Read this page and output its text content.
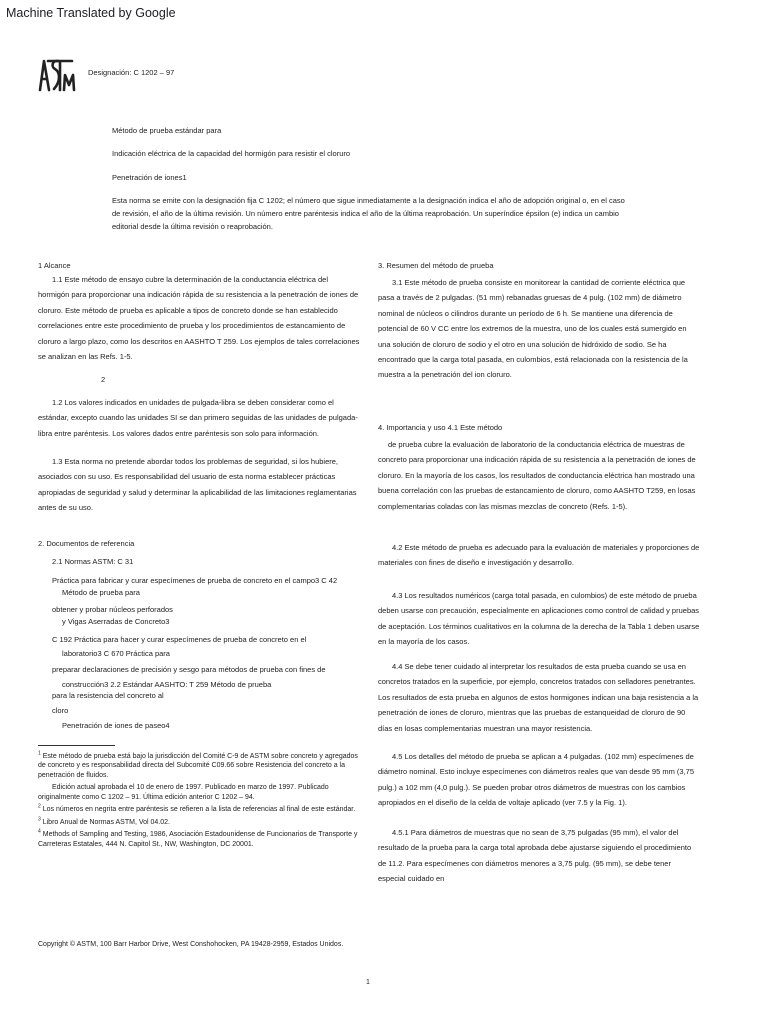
Machine Translated by Google
Designación: C 1202 – 97
Método de prueba estándar para
Indicación eléctrica de la capacidad del hormigón para resistir el cloruro
Penetración de iones1
Esta norma se emite con la designación fija C 1202; el número que sigue inmediatamente a la designación indica el año de adopción original o, en el caso de revisión, el año de la última revisión. Un número entre paréntesis indica el año de la última reaprobación. Un superíndice épsilon (e) indica un cambio editorial desde la última revisión o reaprobación.
1 Alcance
1.1 Este método de ensayo cubre la determinación de la conductancia eléctrica del hormigón para proporcionar una indicación rápida de su resistencia a la penetración de iones de cloruro. Este método de prueba es aplicable a tipos de concreto donde se han establecido correlaciones entre este procedimiento de prueba y los procedimientos de estancamiento de cloruro a largo plazo, como los descritos en AASHTO T 259. Los ejemplos de tales correlaciones se analizan en las Refs. 1-5.
2
1.2 Los valores indicados en unidades de pulgada-libra se deben considerar como el estándar, excepto cuando las unidades SI se dan primero seguidas de las unidades de pulgada-libra entre paréntesis. Los valores dados entre paréntesis son solo para información.
1.3 Esta norma no pretende abordar todos los problemas de seguridad, si los hubiere, asociados con su uso. Es responsabilidad del usuario de esta norma establecer prácticas apropiadas de seguridad y salud y determinar la aplicabilidad de las limitaciones reglamentarias antes de su uso.
2. Documentos de referencia
2.1 Normas ASTM: C 31
Práctica para fabricar y curar especímenes de prueba de concreto en el campo3 C 42
Método de prueba para
obtener y probar núcleos perforados
y Vigas Aserradas de Concreto3
C 192 Práctica para hacer y curar especímenes de prueba de concreto en el
laboratorio3 C 670 Práctica para
preparar declaraciones de precisión y sesgo para métodos de prueba con fines de
construcción3 2.2 Estándar AASHTO: T 259 Método de prueba
para la resistencia del concreto al
cloro
Penetración de iones de paseo4

$^1$ Este método de prueba está bajo la jurisdicción del Comité C-9 de ASTM sobre concreto y agregados de concreto y es responsabilidad directa del Subcomité C09.66 sobre Resistencia del concreto a la penetración de fluidos.

Edición actual aprobada el 10 de enero de 1997. Publicado en marzo de 1997. Publicado originalmente como C 1202 – 91. Última edición anterior C 1202 – 94.

$^2$ Los números en negrita entre paréntesis se refieren a la lista de referencias al final de este estándar.

$^3$ Libro Anual de Normas ASTM, Vol 04.02.

$^4$ Methods of Sampling and Testing, 1986, Asociación Estadounidense de Funcionarios de Transporte y Carreteras Estatales, 444 N. Capitol St., NW, Washington, DC 20001.

3. Resumen del método de prueba
3.1 Este método de prueba consiste en monitorear la cantidad de corriente eléctrica que pasa a través de 2 pulgadas. (51 mm) rebanadas gruesas de 4 pulg. (102 mm) de diámetro nominal de núcleos o cilindros durante un período de 6 h. Se mantiene una diferencia de potencial de 60 V CC entre los extremos de la muestra, uno de los cuales está sumergido en una solución de cloruro de sodio y el otro en una solución de hidróxido de sodio. Se ha encontrado que la carga total pasada, en culombios, está relacionada con la resistencia de la muestra a la penetración del ion cloruro.
4. Importancia y uso 4.1 Este método
de prueba cubre la evaluación de laboratorio de la conductancia eléctrica de muestras de concreto para proporcionar una indicación rápida de su resistencia a la penetración de iones de cloruro. En la mayoría de los casos, los resultados de conductancia eléctrica han mostrado una buena correlación con las pruebas de estancamiento de cloruro, como AASHTO T259, en losas complementarias coladas con las mismas mezclas de concreto (Refs. 1-5).
4.2 Este método de prueba es adecuado para la evaluación de materiales y proporciones de materiales con fines de diseño e investigación y desarrollo.
4.3 Los resultados numéricos (carga total pasada, en culombios) de este método de prueba deben usarse con precaución, especialmente en aplicaciones como control de calidad y pruebas de aceptación. Los términos cualitativos en la columna de la derecha de la Tabla 1 deben usarse en la mayoría de los casos.
4.4 Se debe tener cuidado al interpretar los resultados de esta prueba cuando se usa en concretos tratados en la superficie, por ejemplo, concretos tratados con selladores penetrantes. Los resultados de esta prueba en algunos de estos hormigones indican una baja resistencia a la penetración de iones de cloruro, mientras que las pruebas de estanqueidad de cloruro de 90 días en losas complementarias muestran una mayor resistencia.
4.5 Los detalles del método de prueba se aplican a 4 pulgadas. (102 mm) especímenes de diámetro nominal. Esto incluye especímenes con diámetros reales que van desde 95 mm (3,75 pulg.) a 102 mm (4,0 pulg.). Se pueden probar otros diámetros de muestras con los cambios apropiados en el diseño de la celda de voltaje aplicado (ver 7.5 y la Fig. 1).
4.5.1 Para diámetros de muestras que no sean de 3,75 pulgadas (95 mm), el valor del resultado de la prueba para la carga total aprobada debe ajustarse siguiendo el procedimiento de 11.2. Para especímenes con diámetros menores a 3,75 pulg. (95 mm), se debe tener especial cuidado en
Copyright © ASTM, 100 Barr Harbor Drive, West Conshohocken, PA 19428-2959, Estados Unidos.
1
